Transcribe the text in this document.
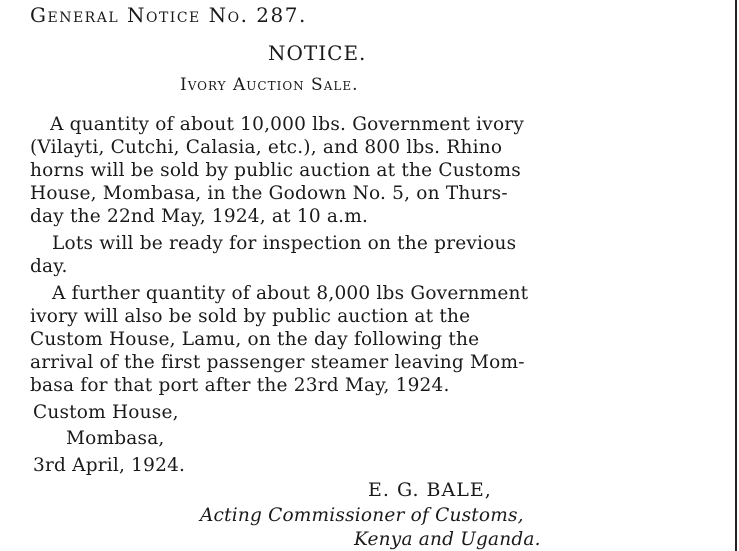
General Notice No. 287.
NOTICE.
Ivory Auction Sale.
A quantity of about 10,000 lbs. Government ivory
(Vilayti, Cutchi, Calasia, etc.), and 800 lbs. Rhino
horns will be sold by public auction at the Customs
House, Mombasa, in the Godown No. 5, on Thurs-
day the 22nd May, 1924, at 10 a.m.
Lots will be ready for inspection on the previous
day.
A further quantity of about 8,000 lbs Government
ivory will also be sold by public auction at the
Custom House, Lamu, on the day following the
arrival of the first passenger steamer leaving Mom-
basa for that port after the 23rd May, 1924.
Custom House,
Mombasa,
3rd April, 1924.
E. G. BALE,
Acting Commissioner of Customs,
Kenya and Uganda.
